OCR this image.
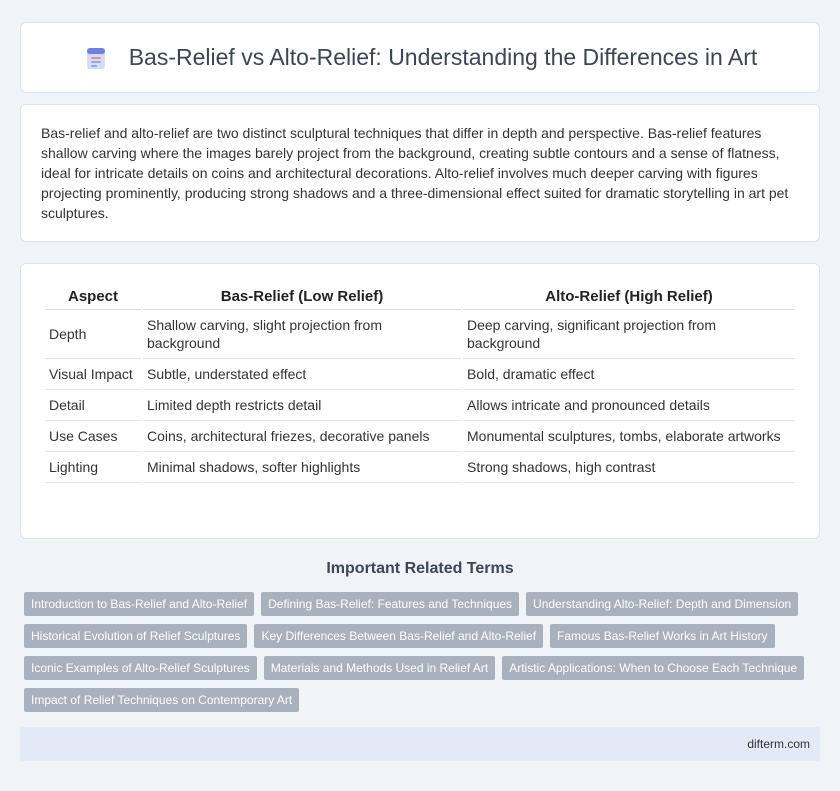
Bas-Relief vs Alto-Relief: Understanding the Differences in Art

Bas-relief and alto-relief are two distinct sculptural techniques that differ in depth and perspective. Bas-relief features shallow carving where the images barely project from the background, creating subtle contours and a sense of flatness, ideal for intricate details on coins and architectural decorations. Alto-relief involves much deeper carving with figures projecting prominently, producing strong shadows and a three-dimensional effect suited for dramatic storytelling in art pet sculptures.

Aspect	Bas-Relief (Low Relief)	Alto-Relief (High Relief)
Depth	Shallow carving, slight projection from background	Deep carving, significant projection from background
Visual Impact	Subtle, understated effect	Bold, dramatic effect
Detail	Limited depth restricts detail	Allows intricate and pronounced details
Use Cases	Coins, architectural friezes, decorative panels	Monumental sculptures, tombs, elaborate artworks
Lighting	Minimal shadows, softer highlights	Strong shadows, high contrast
Important Related Terms
Introduction to Bas-Relief and Alto-Relief	Defining Bas-Relief: Features and Techniques	Understanding Alto-Relief: Depth and Dimension
Historical Evolution of Relief Sculptures	Key Differences Between Bas-Relief and Alto-Relief	Famous Bas-Relief Works in Art History
Iconic Examples of Alto-Relief Sculptures	Materials and Methods Used in Relief Art	Artistic Applications: When to Choose Each Technique
Impact of Relief Techniques on Contemporary Art
difterm.com
